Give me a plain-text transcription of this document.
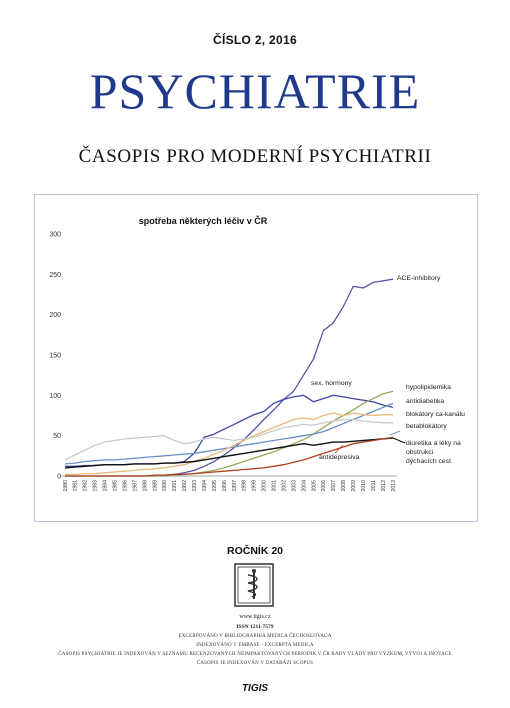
ČÍSLO 2, 2016
PSYCHIATRIE
ČASOPIS PRO MODERNÍ PSYCHIATRII
spotřeba některých léčiv v ČR
0
50
100
150
200
250
300
1980 1981 1982 1983 1984 1985 1986 1987 1988 1989 1990 1991 1992 1993 1994 1995 1996 1997 1998 1999 2000 2001 2002 2003 2004 2005 2006 2007 2008 2009 2010 2011 2012 2013
ACE-inhibitory
sex. hormony
hypolipidemika
antidiabetika
blokátory ca-kanálu
betablokátory
diuretika a léky na
obstrukci
dýchacích cest
antidepresiva
ROČNÍK 20
www.tigis.cz
ISSN 1211-7579
EXCERPOVÁNO V BIBLIOGRAPHIA MEDICA ČECHOSLOVACA
INDEXOVÁNO V EMBASE - EXCERPTA MEDICA
ČASOPIS PSYCHIATRIE JE INDEXOVÁN V SEZNAMU RECENZOVANÝCH NEIMPAKTOVANÝCH PERIODIK V ČR RADY VLÁDY PRO VÝZKUM, VÝVOJ A INOVACE
ČASOPIS JE INDEXOVÁN V DATABÁZI SCOPUS
TIGIS
